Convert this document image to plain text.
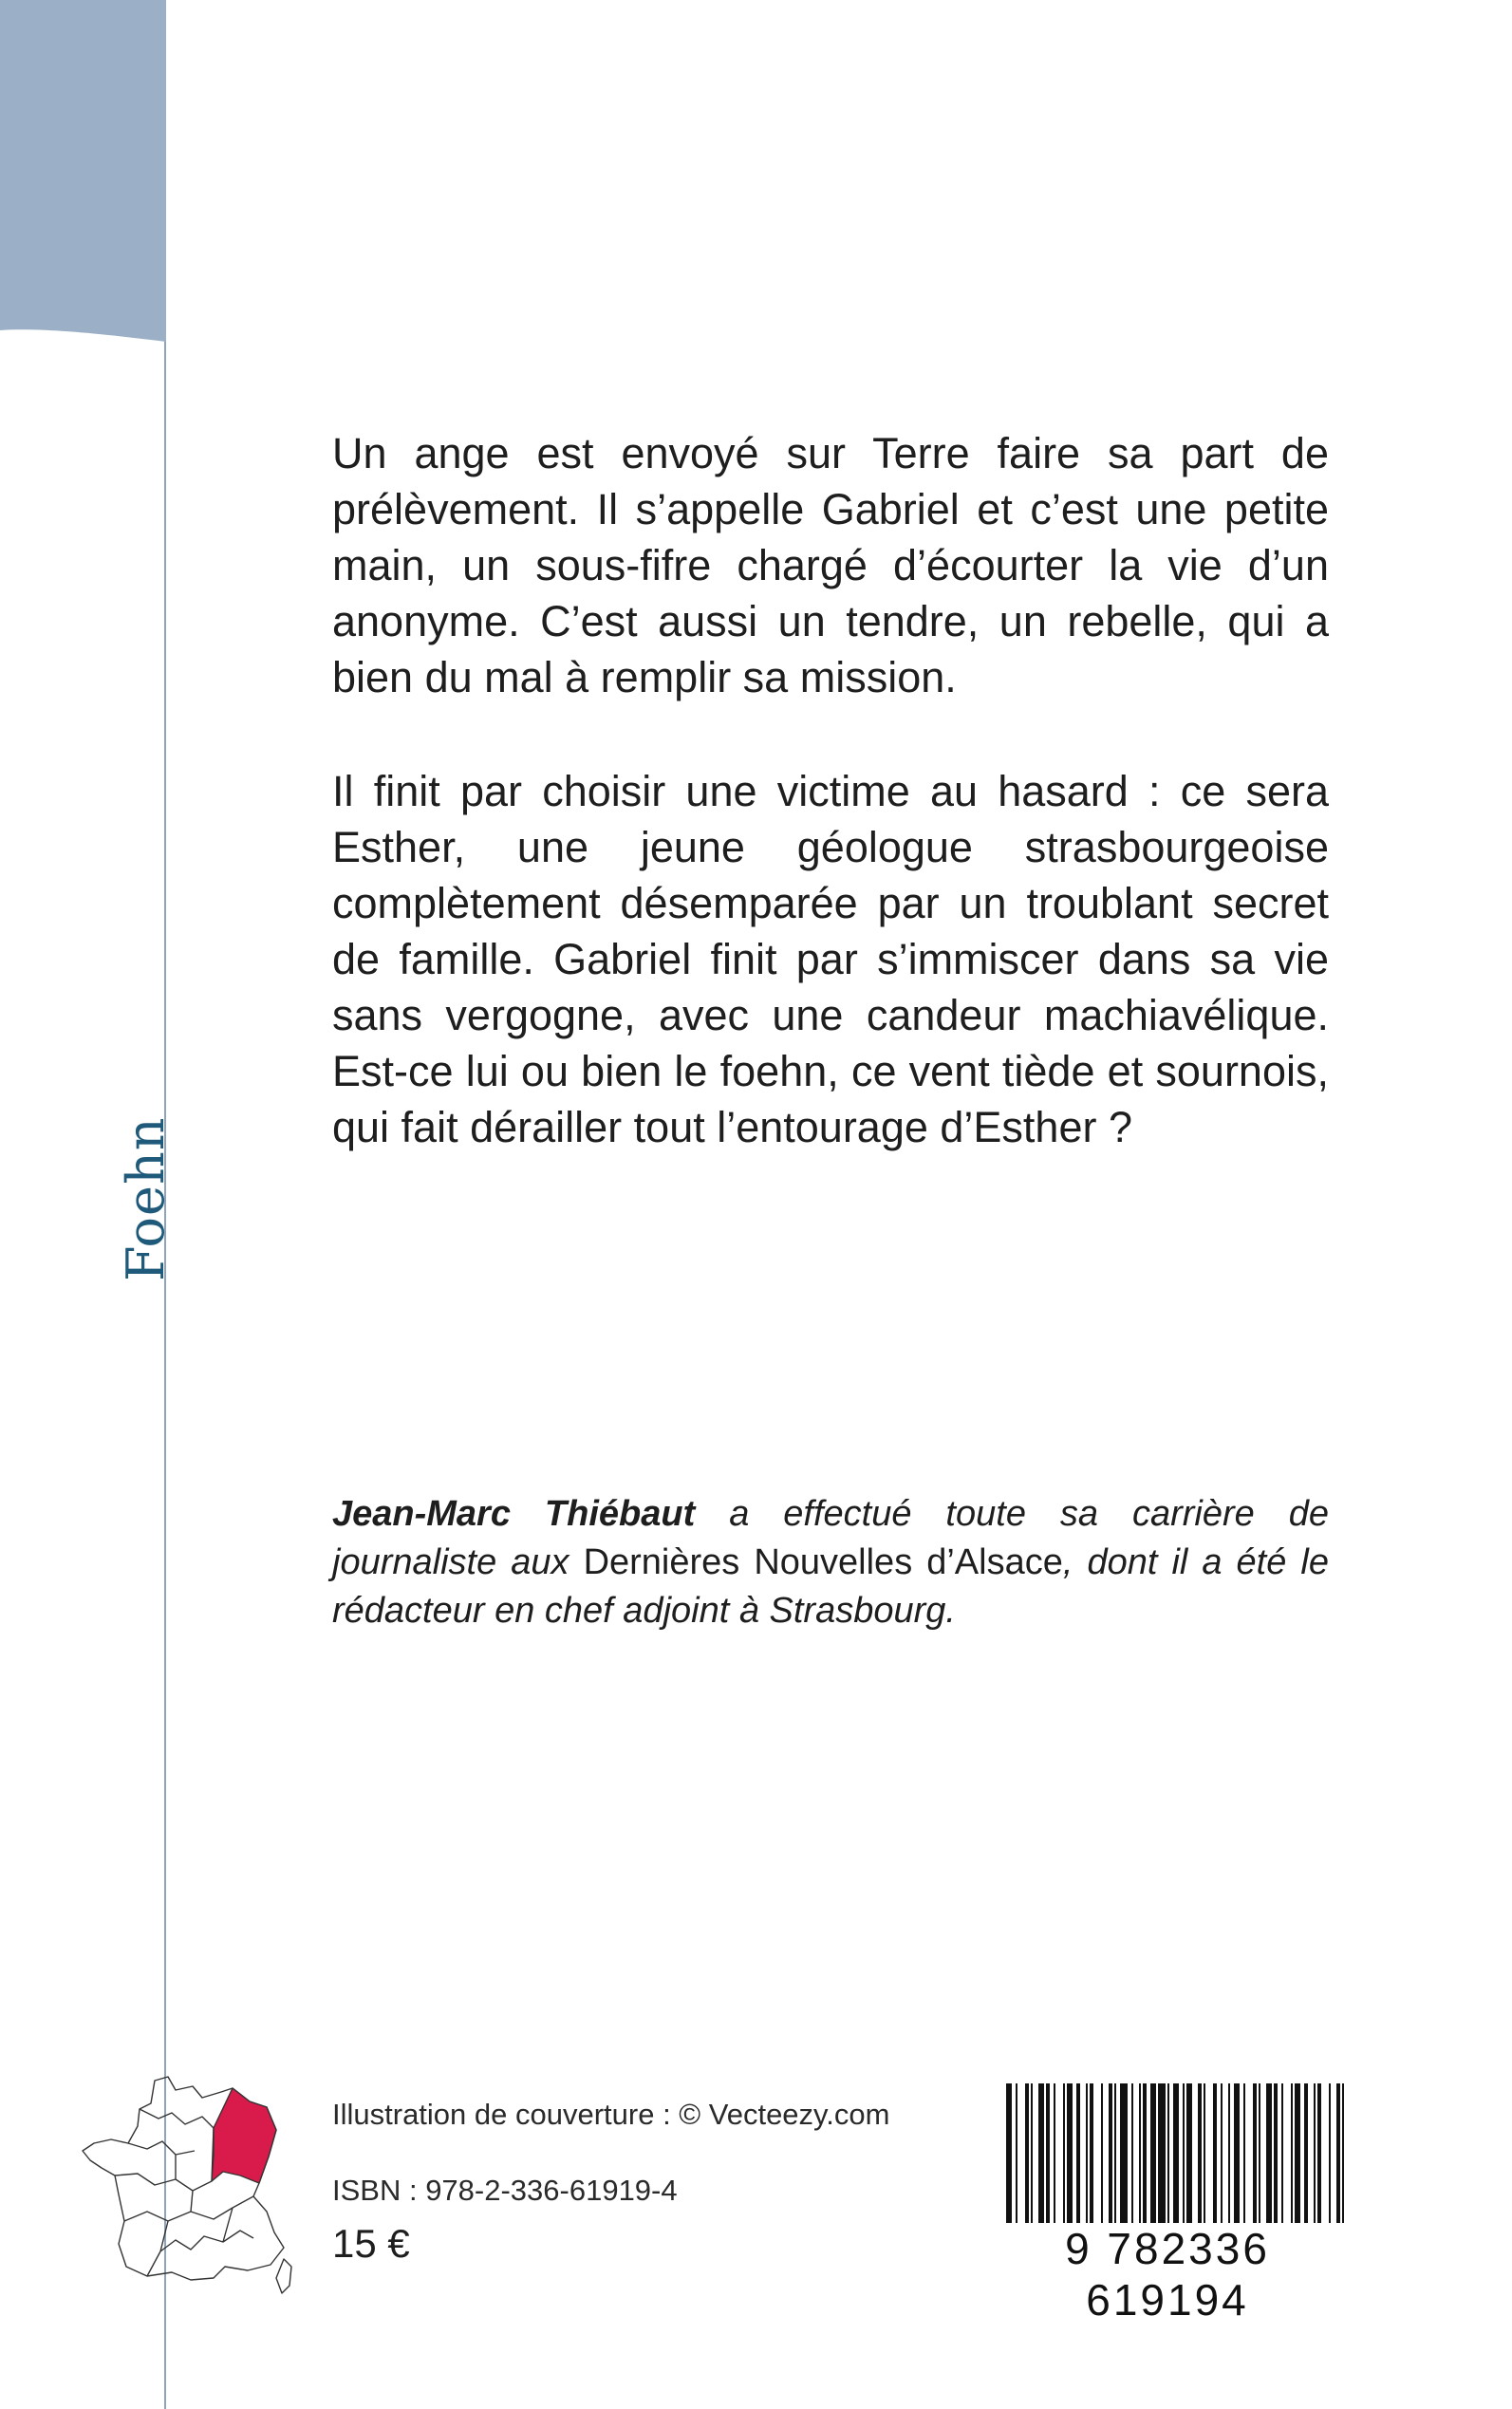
Foehn

Un ange est envoyé sur Terre faire sa part de prélèvement. Il s’appelle Gabriel et c’est une petite main, un sous-fifre chargé d’écourter la vie d’un anonyme. C’est aussi un tendre, un rebelle, qui a bien du mal à remplir sa mission.

Il finit par choisir une victime au hasard : ce sera Esther, une jeune géologue strasbourgeoise complètement désemparée par un troublant secret de famille. Gabriel finit par s’immiscer dans sa vie sans vergogne, avec une candeur machiavélique. Est-ce lui ou bien le foehn, ce vent tiède et sournois, qui fait dérailler tout l’entourage d’Esther ?

Jean-Marc Thiébaut a effectué toute sa carrière de journaliste aux Dernières Nouvelles d’Alsace, dont il a été le rédacteur en chef adjoint à Strasbourg.

Illustration de couverture : © Vecteezy.com
ISBN : 978-2-336-61919-4
15 €	9 782336 619194
